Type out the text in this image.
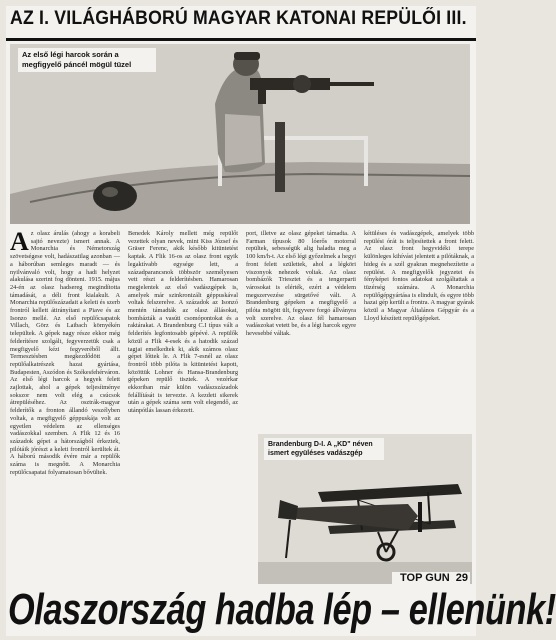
AZ I. VILÁGHÁBORÚ MAGYAR KATONAI REPÜLŐI III.
Az első légi harcok során a megfigyelő páncél mögül tüzel
A z olasz árulás (ahogy a korabeli sajtó nevezte) ismert annak. A Monarchia és Németország szövetségese volt, hadászatilag azonban — a háborúban semleges maradt — és nyilvánvaló volt, hogy a hadi helyzet alakulása szerint fog dönteni. 1915. május 24-én az olasz hadsereg megindította támadását, a déli front kialakult. A Monarchia repülőszázadait a keleti és szerb frontról kellett átirányítani a Piave és az Isonzo mellé. Az első repülőcsapatok Villach, Görz és Laibach környékén települtek. A gépek nagy része ekkor még felderítésre szolgált, fegyverzetük csak a megfigyelő kézi fegyveréből állt. Termesztésben megkezdődött a repülőalkatrészek hazai gyártása, Budapesten, Aszódon és Székesfehérváron. Az első légi harcok a hegyek felett zajlottak, ahol a gépek teljesítménye sokszor nem volt elég a csúcsok átrepüléséhez. Az osztrák-magyar felderítők a fronton állandó veszélyben voltak, a megfigyelő géppuskája volt az egyetlen védelem az ellenséges vadászokkal szemben. A Flik 12 és 16 századok gépei a hátországból érkeztek, pilótáik jórészt a keleti frontról kerültek át. A háború második évére már a repülők száma is megnőtt. A Monarchia repülőcsapatai folyamatosan bővültek.

Benedek Károly mellett még repülőt vezettek olyan nevek, mint Kiss József és Gräser Ferenc, akik később kitüntetést kaptak. A Flik 16-os az olasz front egyik legaktívabb egysége lett, a századparancsnok többször személyesen vett részt a felderítésben. Hamarosan megjelentek az első vadászgépek is, amelyek már szinkronizált géppuskával voltak felszerelve. A századok az Isonzó mentén támadták az olasz állásokat, bombázták a vasúti csomópontokat és a raktárakat. A Brandenburg C.I típus vált a felderítés legfontosabb gépévé. A repülők közül a Flik 4-esek és a hatodik század tagjai emelkedtek ki, akik számos olasz gépet lőttek le. A Flik 7-esnél az olasz frontról több pilóta is kitüntetést kapott, közöttük Lohner és Hansa-Brandenburg gépeken repülő tisztek. A vezérkar ekkoriban már külön vadászszázadok felállítását is tervezte. A kezdeti sikerek után a gépek száma sem volt elegendő, az utánpótlás lassan érkezett.

port, illetve az olasz gépeket támadta. A Farman típusok 80 lóerős motorral repültek, sebességük alig haladta meg a 100 km/h-t. Az első légi győzelmek a hegyi front felett születtek, ahol a légköri viszonyok nehezek voltak. Az olasz bombázók Triesztet és a tengerparti városokat is elérték, ezért a védelem megszervezése sürgetővé vált. A Brandenburg gépeken a megfigyelő a pilóta mögött ült, fegyvere forgó állványra volt szerelve. Az olasz fél hamarosan vadászokat vetett be, és a légi harcok egyre hevesebbé váltak.

kétüléses és vadászgépek, amelyek több repülési órát is teljesítettek a front felett. Az olasz front hegyvidéki terepe különleges kihívást jelentett a pilótáknak, a hideg és a szél gyakran megnehezítette a repülést. A megfigyelők jegyzetei és fényképei fontos adatokat szolgáltattak a tüzérség számára. A Monarchia repülőgépgyártása is elindult, és egyre több hazai gép került a frontra. A magyar gyárak közül a Magyar Általános Gépgyár és a Lloyd készített repülőgépeket.

Brandenburg D-I. A „KD" néven ismert együléses vadászgép
TOP GUN 29
Olaszország hadba lép – ellenünk!
